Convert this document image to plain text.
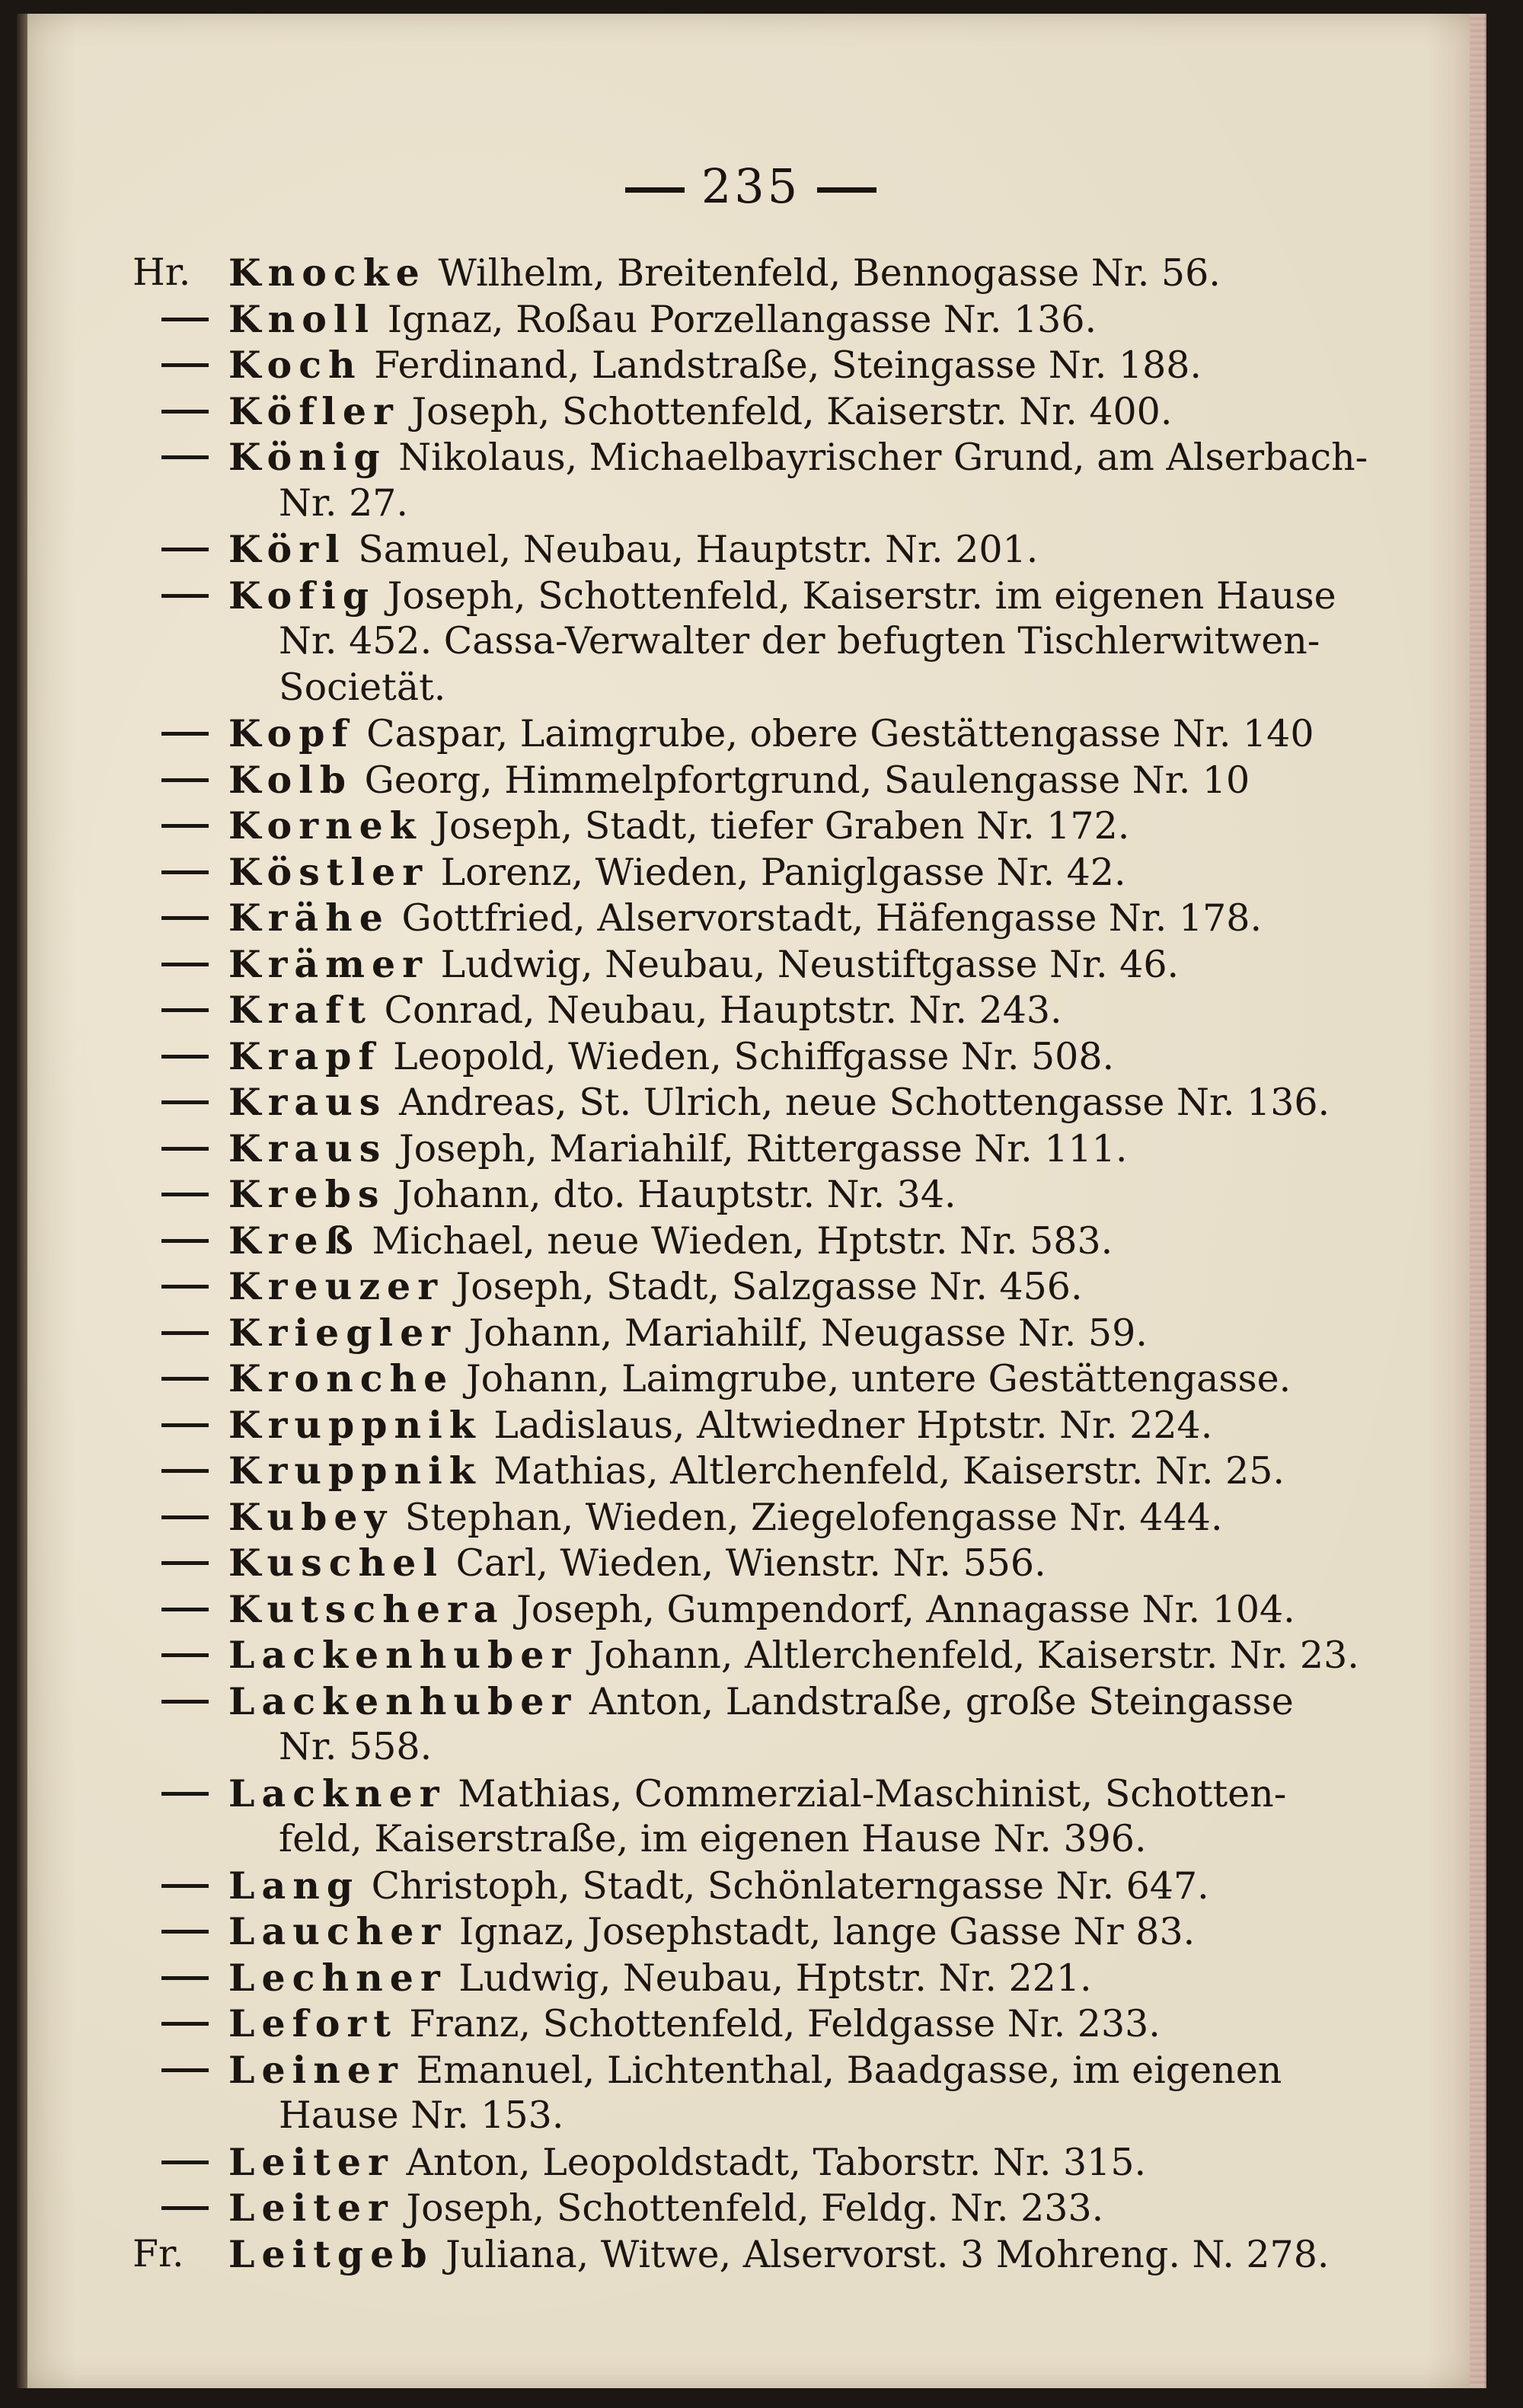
235
Hr. Knocke Wilhelm, Breitenfeld, Bennogasse Nr. 56.
Knoll Ignaz, Roßau Porzellangasse Nr. 136.
Koch Ferdinand, Landstraße, Steingasse Nr. 188.
Köfler Joseph, Schottenfeld, Kaiserstr. Nr. 400.
König Nikolaus, Michaelbayrischer Grund, am Alserbach-
Nr. 27.
Körl Samuel, Neubau, Hauptstr. Nr. 201.
Kofig Joseph, Schottenfeld, Kaiserstr. im eigenen Hause
Nr. 452. Cassa-Verwalter der befugten Tischlerwitwen-
Societät.
Kopf Caspar, Laimgrube, obere Gestättengasse Nr. 140
Kolb Georg, Himmelpfortgrund, Saulengasse Nr. 10
Kornek Joseph, Stadt, tiefer Graben Nr. 172.
Köstler Lorenz, Wieden, Paniglgasse Nr. 42.
Krähe Gottfried, Alservorstadt, Häfengasse Nr. 178.
Krämer Ludwig, Neubau, Neustiftgasse Nr. 46.
Kraft Conrad, Neubau, Hauptstr. Nr. 243.
Krapf Leopold, Wieden, Schiffgasse Nr. 508.
Kraus Andreas, St. Ulrich, neue Schottengasse Nr. 136.
Kraus Joseph, Mariahilf, Rittergasse Nr. 111.
Krebs Johann, dto. Hauptstr. Nr. 34.
Kreß Michael, neue Wieden, Hptstr. Nr. 583.
Kreuzer Joseph, Stadt, Salzgasse Nr. 456.
Kriegler Johann, Mariahilf, Neugasse Nr. 59.
Kronche Johann, Laimgrube, untere Gestättengasse.
Kruppnik Ladislaus, Altwiedner Hptstr. Nr. 224.
Kruppnik Mathias, Altlerchenfeld, Kaiserstr. Nr. 25.
Kubey Stephan, Wieden, Ziegelofengasse Nr. 444.
Kuschel Carl, Wieden, Wienstr. Nr. 556.
Kutschera Joseph, Gumpendorf, Annagasse Nr. 104.
Lackenhuber Johann, Altlerchenfeld, Kaiserstr. Nr. 23.
Lackenhuber Anton, Landstraße, große Steingasse
Nr. 558.
Lackner Mathias, Commerzial-Maschinist, Schotten-
feld, Kaiserstraße, im eigenen Hause Nr. 396.
Lang Christoph, Stadt, Schönlaterngasse Nr. 647.
Laucher Ignaz, Josephstadt, lange Gasse Nr 83.
Lechner Ludwig, Neubau, Hptstr. Nr. 221.
Lefort Franz, Schottenfeld, Feldgasse Nr. 233.
Leiner Emanuel, Lichtenthal, Baadgasse, im eigenen
Hause Nr. 153.
Leiter Anton, Leopoldstadt, Taborstr. Nr. 315.
Leiter Joseph, Schottenfeld, Feldg. Nr. 233.
Fr. Leitgeb Juliana, Witwe, Alservorst. 3 Mohreng. N. 278.
